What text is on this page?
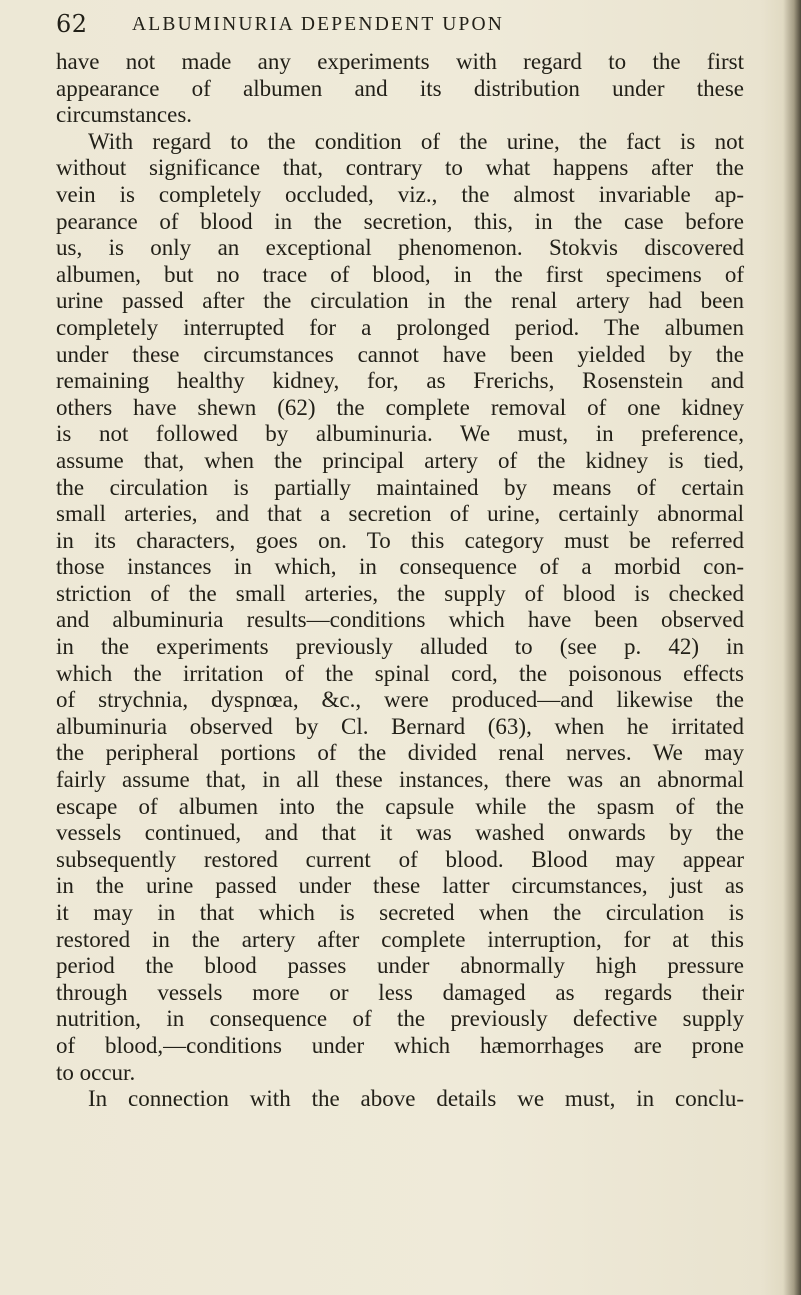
62 ALBUMINURIA DEPENDENT UPON
have not made any experiments with regard to the first
appearance of albumen and its distribution under these
circumstances.
With regard to the condition of the urine, the fact is not
without significance that, contrary to what happens after the
vein is completely occluded, viz., the almost invariable ap-
pearance of blood in the secretion, this, in the case before
us, is only an exceptional phenomenon. Stokvis discovered
albumen, but no trace of blood, in the first specimens of
urine passed after the circulation in the renal artery had been
completely interrupted for a prolonged period. The albumen
under these circumstances cannot have been yielded by the
remaining healthy kidney, for, as Frerichs, Rosenstein and
others have shewn (62) the complete removal of one kidney
is not followed by albuminuria. We must, in preference,
assume that, when the principal artery of the kidney is tied,
the circulation is partially maintained by means of certain
small arteries, and that a secretion of urine, certainly abnormal
in its characters, goes on. To this category must be referred
those instances in which, in consequence of a morbid con-
striction of the small arteries, the supply of blood is checked
and albuminuria results—conditions which have been observed
in the experiments previously alluded to (see p. 42) in
which the irritation of the spinal cord, the poisonous effects
of strychnia, dyspnœa, &c., were produced—and likewise the
albuminuria observed by Cl. Bernard (63), when he irritated
the peripheral portions of the divided renal nerves. We may
fairly assume that, in all these instances, there was an abnormal
escape of albumen into the capsule while the spasm of the
vessels continued, and that it was washed onwards by the
subsequently restored current of blood. Blood may appear
in the urine passed under these latter circumstances, just as
it may in that which is secreted when the circulation is
restored in the artery after complete interruption, for at this
period the blood passes under abnormally high pressure
through vessels more or less damaged as regards their
nutrition, in consequence of the previously defective supply
of blood,—conditions under which hæmorrhages are prone
to occur.
In connection with the above details we must, in conclu-
